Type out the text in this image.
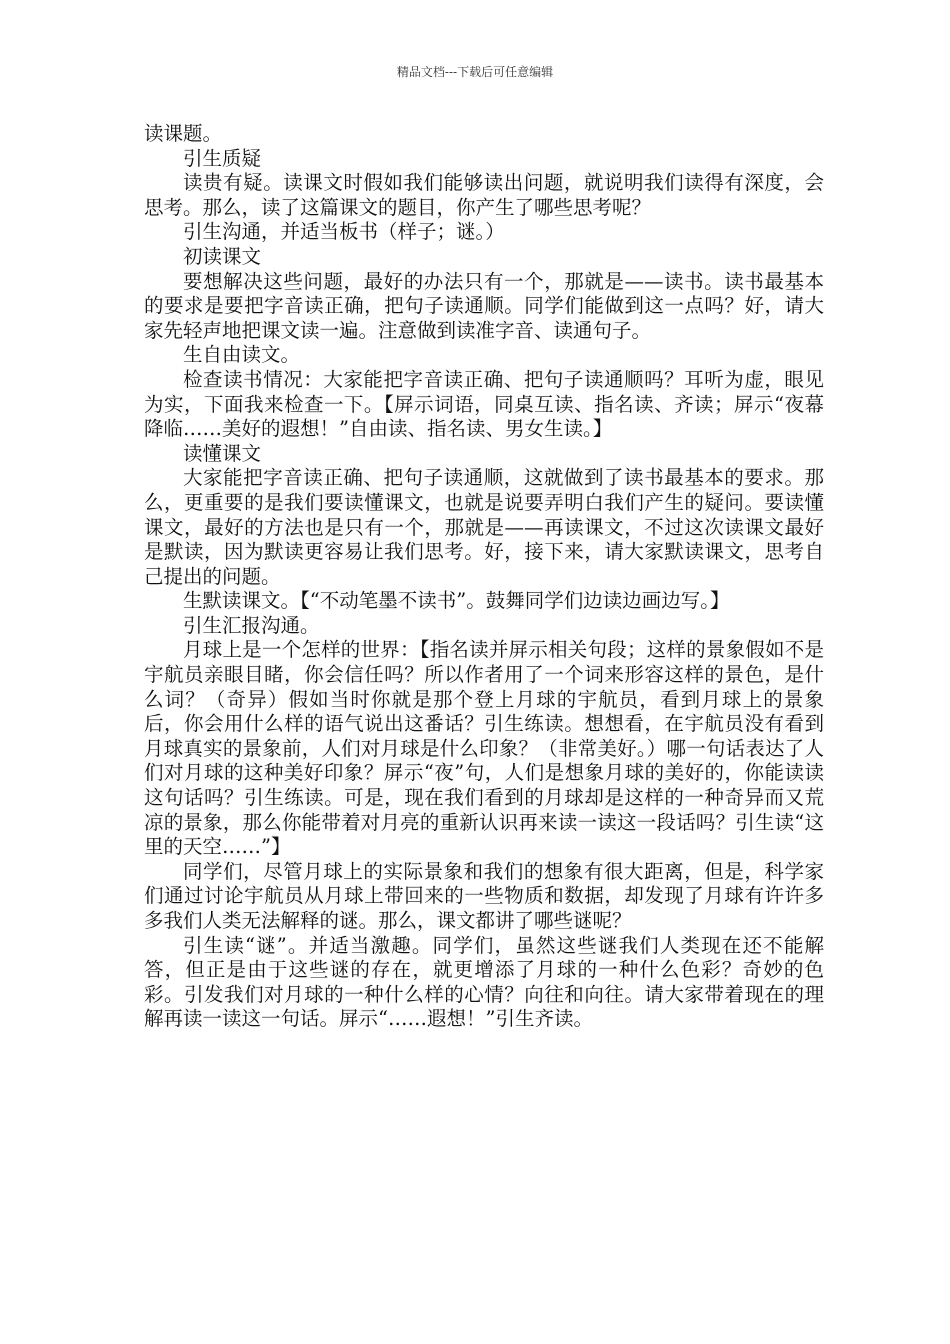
精品文档---下载后可任意编辑

读课题。

引生质疑

读贵有疑。读课文时假如我们能够读出问题，就说明我们读得有深度，会思考。那么，读了这篇课文的题目，你产生了哪些思考呢？

引生沟通，并适当板书（样子；谜。）

初读课文

要想解决这些问题，最好的办法只有一个，那就是——读书。读书最基本的要求是要把字音读正确，把句子读通顺。同学们能做到这一点吗？好，请大家先轻声地把课文读一遍。注意做到读准字音、读通句子。

生自由读文。

检查读书情况：大家能把字音读正确、把句子读通顺吗？耳听为虚，眼见为实，下面我来检查一下。【屏示词语，同桌互读、指名读、齐读；屏示“夜幕降临……美好的遐想！”自由读、指名读、男女生读。】

读懂课文

大家能把字音读正确、把句子读通顺，这就做到了读书最基本的要求。那么，更重要的是我们要读懂课文，也就是说要弄明白我们产生的疑问。要读懂课文，最好的方法也是只有一个，那就是——再读课文，不过这次读课文最好是默读，因为默读更容易让我们思考。好，接下来，请大家默读课文，思考自己提出的问题。

生默读课文。【“不动笔墨不读书”。鼓舞同学们边读边画边写。】

引生汇报沟通。

月球上是一个怎样的世界：【指名读并屏示相关句段；这样的景象假如不是宇航员亲眼目睹，你会信任吗？所以作者用了一个词来形容这样的景色，是什么词？（奇异）假如当时你就是那个登上月球的宇航员，看到月球上的景象后，你会用什么样的语气说出这番话？引生练读。想想看，在宇航员没有看到月球真实的景象前，人们对月球是什么印象？（非常美好。）哪一句话表达了人们对月球的这种美好印象？屏示“夜”句，人们是想象月球的美好的，你能读读这句话吗？引生练读。可是，现在我们看到的月球却是这样的一种奇异而又荒凉的景象，那么你能带着对月亮的重新认识再来读一读这一段话吗？引生读“这里的天空……”】

同学们，尽管月球上的实际景象和我们的想象有很大距离，但是，科学家们通过讨论宇航员从月球上带回来的一些物质和数据，却发现了月球有许许多多我们人类无法解释的谜。那么，课文都讲了哪些谜呢？

引生读“谜”。并适当激趣。同学们，虽然这些谜我们人类现在还不能解答，但正是由于这些谜的存在，就更增添了月球的一种什么色彩？奇妙的色彩。引发我们对月球的一种什么样的心情？向往和向往。请大家带着现在的理解再读一读这一句话。屏示“……遐想！”引生齐读。
